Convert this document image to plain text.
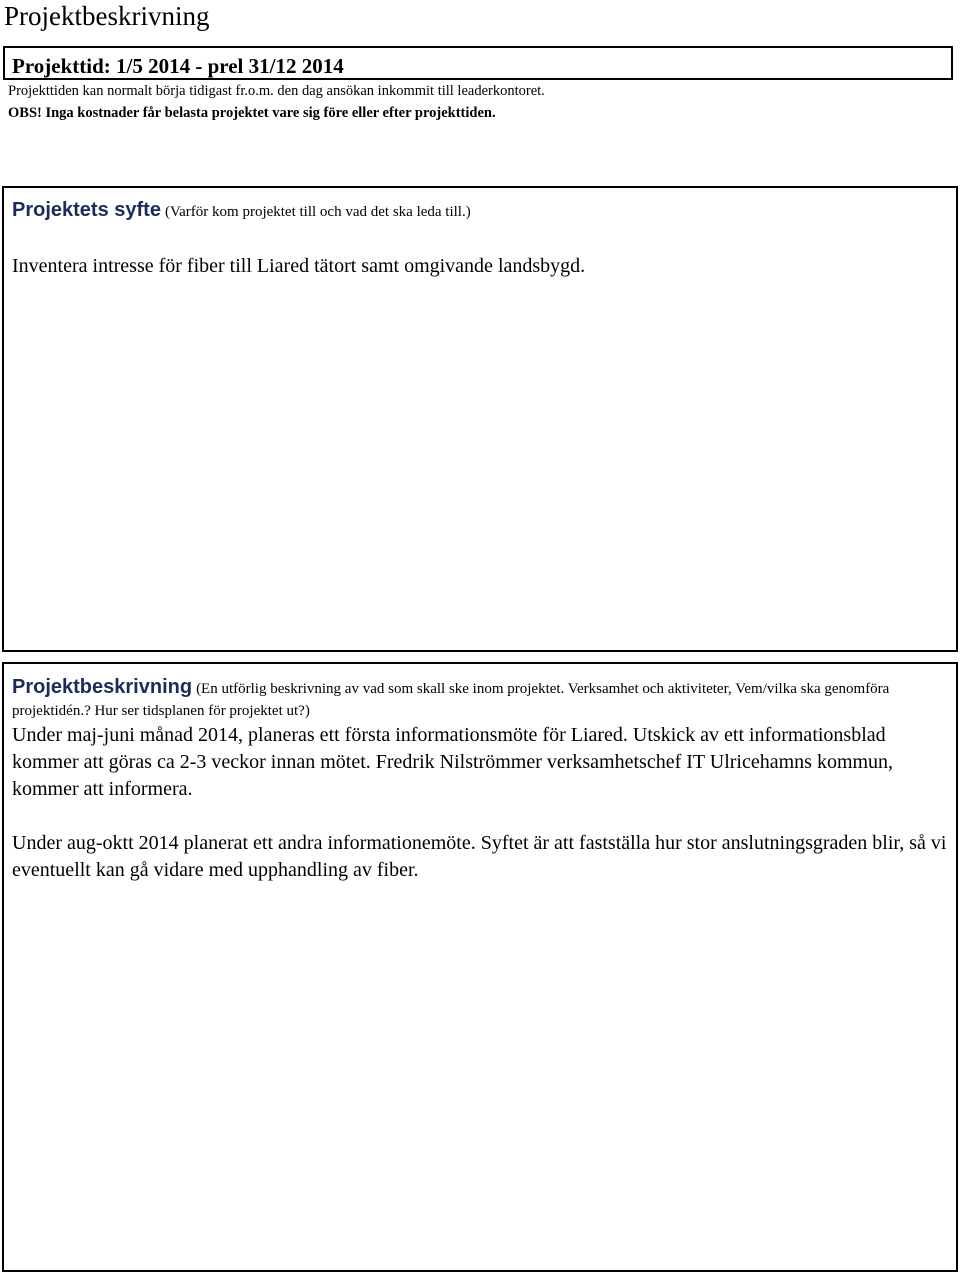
Projektbeskrivning
Projekttid: 1/5 2014 - prel 31/12 2014
Projekttiden kan normalt börja tidigast fr.o.m. den dag ansökan inkommit till leaderkontoret.
OBS! Inga kostnader får belasta projektet vare sig före eller efter projekttiden.
Projektets syfte (Varför kom projektet till och vad det ska leda till.)
Inventera intresse för fiber till Liared tätort samt omgivande landsbygd.
Projektbeskrivning (En utförlig beskrivning av vad som skall ske inom projektet. Verksamhet och aktiviteter, Vem/vilka ska genomföra projektidén.? Hur ser tidsplanen för projektet ut?)

Under maj-juni månad 2014, planeras ett första informationsmöte för Liared. Utskick av ett informationsblad kommer att göras ca 2-3 veckor innan mötet. Fredrik Nilströmmer verksamhetschef IT Ulricehamns kommun, kommer att informera.

Under aug-oktt 2014 planerat ett andra informationemöte. Syftet är att fastställa hur stor anslutningsgraden blir, så vi eventuellt kan gå vidare med upphandling av fiber.
